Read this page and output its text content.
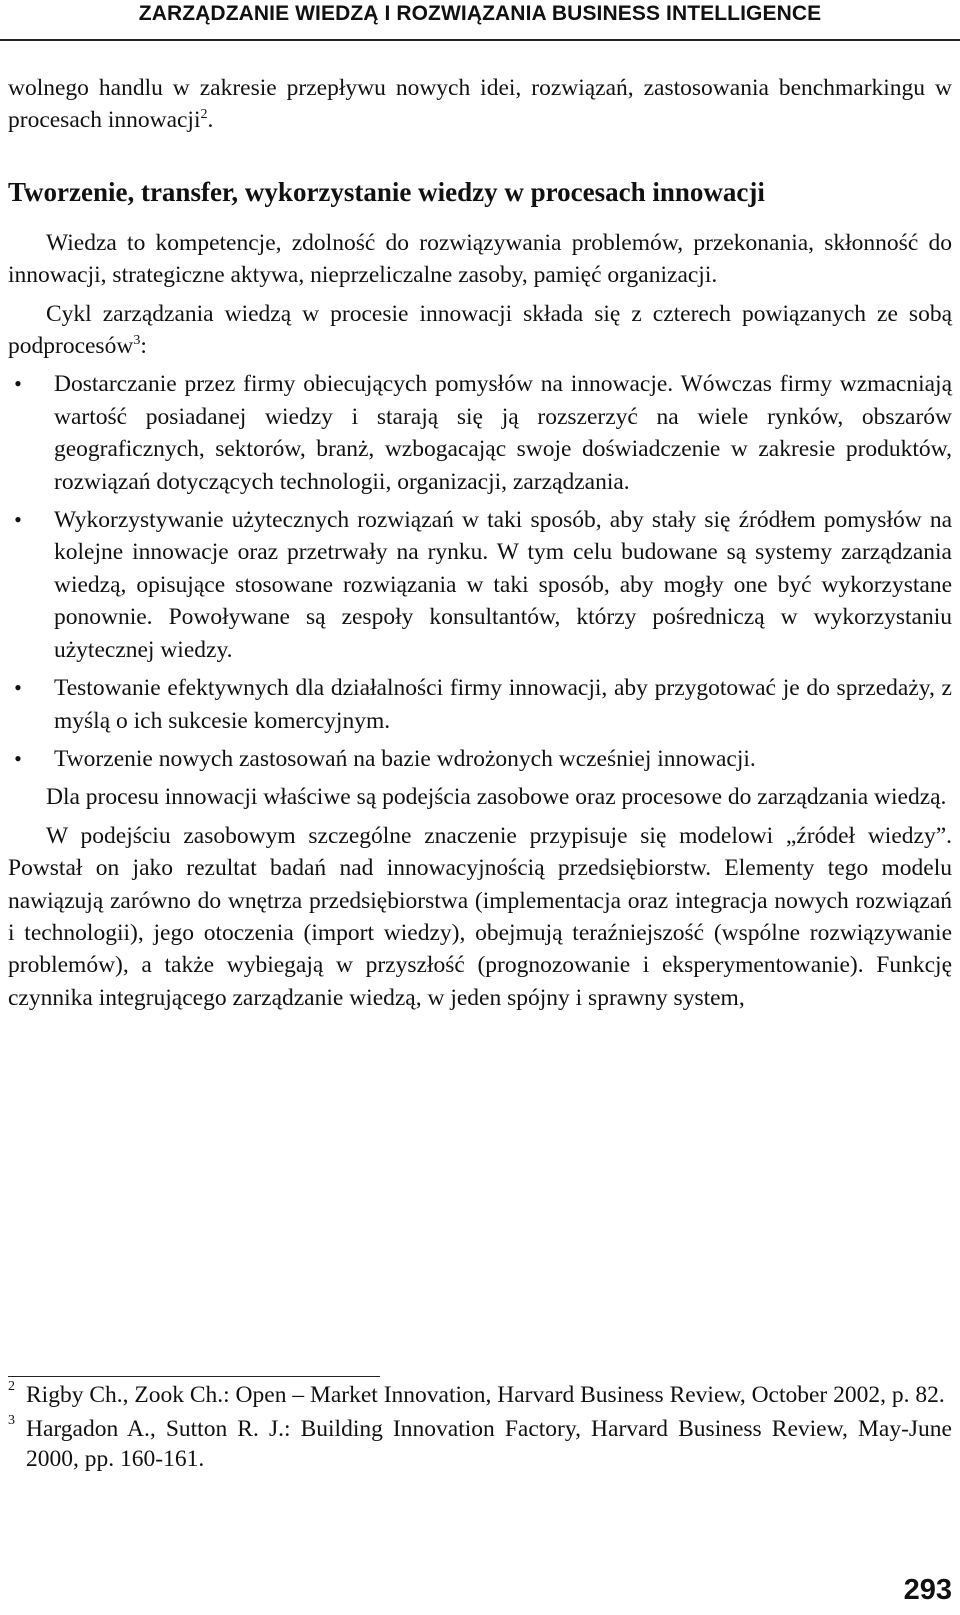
ZARZĄDZANIE WIEDZĄ I ROZWIĄZANIA BUSINESS INTELLIGENCE

wolnego handlu w zakresie przepływu nowych idei, rozwiązań, zastosowania benchmarkingu w procesach innowacji$^2$.

Tworzenie, transfer, wykorzystanie wiedzy w procesach innowacji

Wiedza to kompetencje, zdolność do rozwiązywania problemów, przekonania, skłonność do innowacji, strategiczne aktywa, nieprzeliczalne zasoby, pamięć organizacji.

Cykl zarządzania wiedzą w procesie innowacji składa się z czterech powiązanych ze sobą podprocesów$^3$:

• Dostarczanie przez firmy obiecujących pomysłów na innowacje. Wówczas firmy wzmacniają wartość posiadanej wiedzy i starają się ją rozszerzyć na wiele rynków, obszarów geograficznych, sektorów, branż, wzbogacając swoje doświadczenie w zakresie produktów, rozwiązań dotyczących technologii, organizacji, zarządzania.
• Wykorzystywanie użytecznych rozwiązań w taki sposób, aby stały się źródłem pomysłów na kolejne innowacje oraz przetrwały na rynku. W tym celu budowane są systemy zarządzania wiedzą, opisujące stosowane rozwiązania w taki sposób, aby mogły one być wykorzystane ponownie. Powoływane są zespoły konsultantów, którzy pośredniczą w wykorzystaniu użytecznej wiedzy.
• Testowanie efektywnych dla działalności firmy innowacji, aby przygotować je do sprzedaży, z myślą o ich sukcesie komercyjnym.
• Tworzenie nowych zastosowań na bazie wdrożonych wcześniej innowacji.

Dla procesu innowacji właściwe są podejścia zasobowe oraz procesowe do zarządzania wiedzą.

W podejściu zasobowym szczególne znaczenie przypisuje się modelowi „źródeł wiedzy”. Powstał on jako rezultat badań nad innowacyjnością przedsiębiorstw. Elementy tego modelu nawiązują zarówno do wnętrza przedsiębiorstwa (implementacja oraz integracja nowych rozwiązań i technologii), jego otoczenia (import wiedzy), obejmują teraźniejszość (wspólne rozwiązywanie problemów), a także wybiegają w przyszłość (prognozowanie i eksperymentowanie). Funkcję czynnika integrującego zarządzanie wiedzą, w jeden spójny i sprawny system,

2 Rigby Ch., Zook Ch.: Open – Market Innovation, Harvard Business Review, October 2002, p. 82.

3 Hargadon A., Sutton R. J.: Building Innovation Factory, Harvard Business Review, May-June 2000, pp. 160-161.

293
